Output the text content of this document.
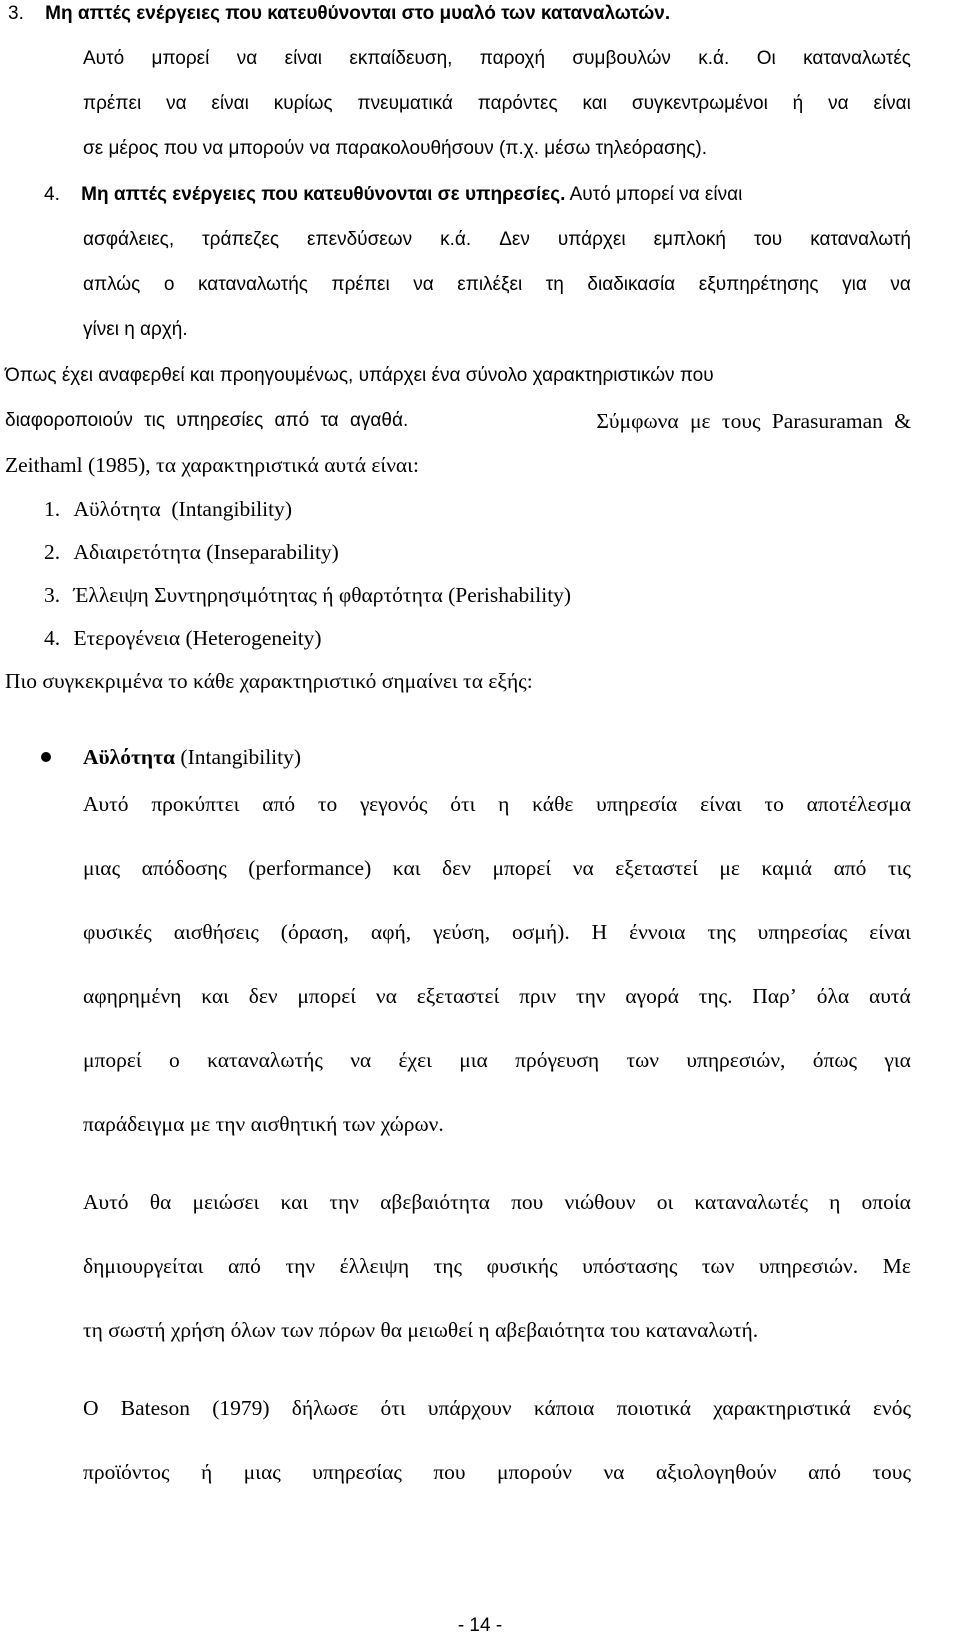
3. Μη απτές ενέργειες που κατευθύνονται στο μυαλό των καταναλωτών.
Αυτό μπορεί να είναι εκπαίδευση, παροχή συμβουλών κ.ά. Οι καταναλωτές
πρέπει να είναι κυρίως πνευματικά παρόντες και συγκεντρωμένοι ή να είναι
σε μέρος που να μπορούν να παρακολουθήσουν (π.χ. μέσω τηλεόρασης).
4. Μη απτές ενέργειες που κατευθύνονται σε υπηρεσίες. Αυτό μπορεί να είναι
ασφάλειες, τράπεζες επενδύσεων κ.ά. Δεν υπάρχει εμπλοκή του καταναλωτή
απλώς ο καταναλωτής πρέπει να επιλέξει τη διαδικασία εξυπηρέτησης για να
γίνει η αρχή.
Όπως έχει αναφερθεί και προηγουμένως, υπάρχει ένα σύνολο χαρακτηριστικών που
διαφοροποιούν τις υπηρεσίες από τα αγαθά.	Σύμφωνα με τους Parasuraman &
Zeithaml (1985), τα χαρακτηριστικά αυτά είναι:
1. Αϋλότητα  (Intangibility)
2. Αδιαιρετότητα (Inseparability)
3. Έλλειψη Συντηρησιμότητας ή φθαρτότητα (Perishability)
4. Ετερογένεια (Heterogeneity)
Πιο συγκεκριμένα το κάθε χαρακτηριστικό σημαίνει τα εξής:
Αϋλότητα (Intangibility)
Αυτό προκύπτει από το γεγονός ότι η κάθε υπηρεσία είναι το αποτέλεσμα
μιας απόδοσης (performance) και δεν μπορεί να εξεταστεί με καμιά από τις
φυσικές αισθήσεις (όραση, αφή, γεύση, οσμή). Η έννοια της υπηρεσίας είναι
αφηρημένη και δεν μπορεί να εξεταστεί πριν την αγορά της. Παρ’ όλα αυτά
μπορεί ο καταναλωτής να έχει μια πρόγευση των υπηρεσιών, όπως για
παράδειγμα με την αισθητική των χώρων.
Αυτό θα μειώσει και την αβεβαιότητα που νιώθουν οι καταναλωτές η οποία
δημιουργείται από την έλλειψη της φυσικής υπόστασης των υπηρεσιών. Με
τη σωστή χρήση όλων των πόρων θα μειωθεί η αβεβαιότητα του καταναλωτή.
Ο Bateson (1979) δήλωσε ότι υπάρχουν κάποια ποιοτικά χαρακτηριστικά ενός
προϊόντος ή μιας υπηρεσίας που μπορούν να αξιολογηθούν από τους
- 14 -
